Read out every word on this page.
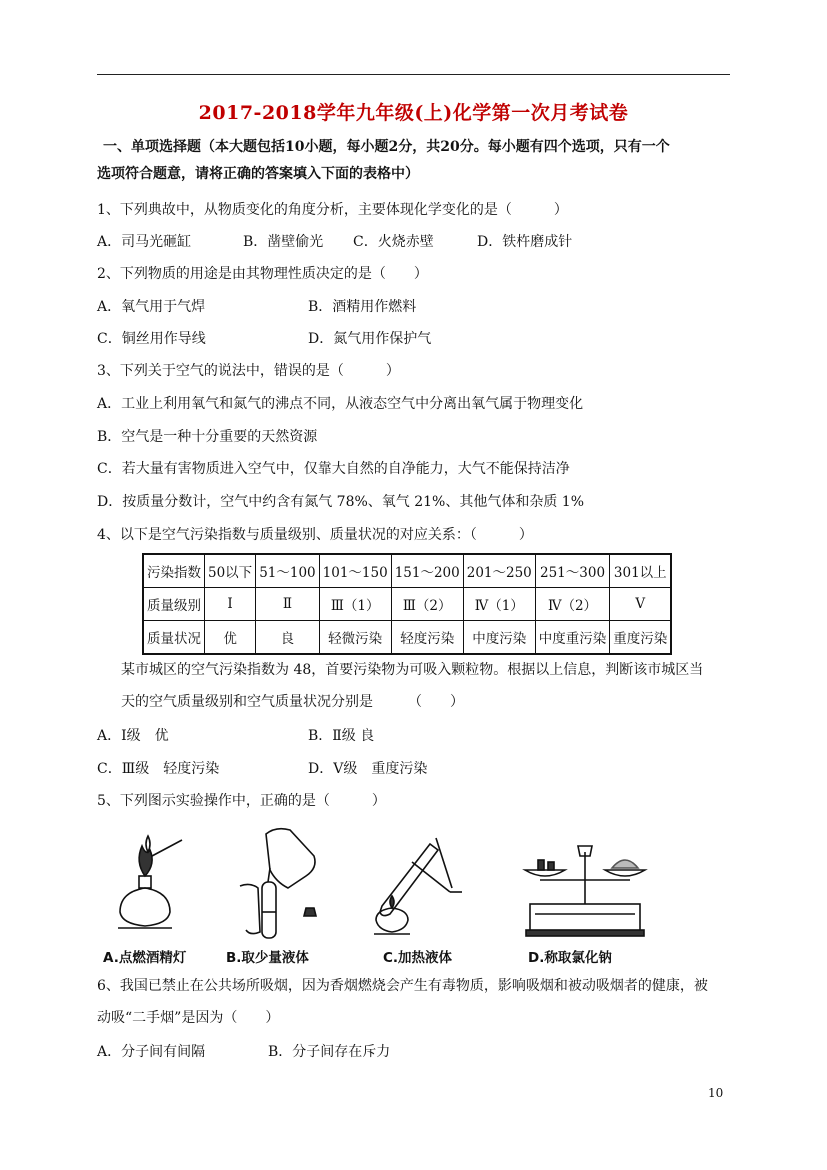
2017-2018学年九年级(上)化学第一次月考试卷
一、单项选择题（本大题包括10小题，每小题2分，共20分。每小题有四个选项，只有一个
选项符合题意，请将正确的答案填入下面的表格中）
1、下列典故中，从物质变化的角度分析，主要体现化学变化的是（　　　）
A．司马光砸缸	B．凿壁偷光 C．火烧赤壁	D．铁杵磨成针
2、下列物质的用途是由其物理性质决定的是（　　）
A．氧气用于气焊	B．酒精用作燃料
C．铜丝用作导线	D．氮气用作保护气
3、下列关于空气的说法中，错误的是（　　　）
A．工业上利用氧气和氮气的沸点不同，从液态空气中分离出氧气属于物理变化
B．空气是一种十分重要的天然资源
C．若大量有害物质进入空气中，仅靠大自然的自净能力，大气不能保持洁净
D．按质量分数计，空气中约含有氮气 78%、氧气 21%、其他气体和杂质 1%
4、以下是空气污染指数与质量级别、质量状况的对应关系：（　　　）
污染指数	50以下	51～100	101～150	151～200	201～250	251～300	301以上
质量级别	Ⅰ	Ⅱ	Ⅲ（1）	Ⅲ（2）	Ⅳ（1）	Ⅳ（2）	Ⅴ
质量状况	优	良	轻微污染	轻度污染	中度污染	中度重污染	重度污染
某市城区的空气污染指数为 48，首要污染物为可吸入颗粒物。根据以上信息，判断该市城区当
天的空气质量级别和空气质量状况分别是　　　（　　）
A．Ⅰ级　优	B．Ⅱ级 良
C．Ⅲ级　轻度污染	D．Ⅴ级　重度污染
5、下列图示实验操作中，正确的是（　　　）
A.点燃酒精灯	B.取少量液体	C.加热液体	D.称取氯化钠
6、我国已禁止在公共场所吸烟，因为香烟燃烧会产生有毒物质，影响吸烟和被动吸烟者的健康，被
动吸“二手烟”是因为（　　）
A．分子间有间隔	B．分子间存在斥力
10
